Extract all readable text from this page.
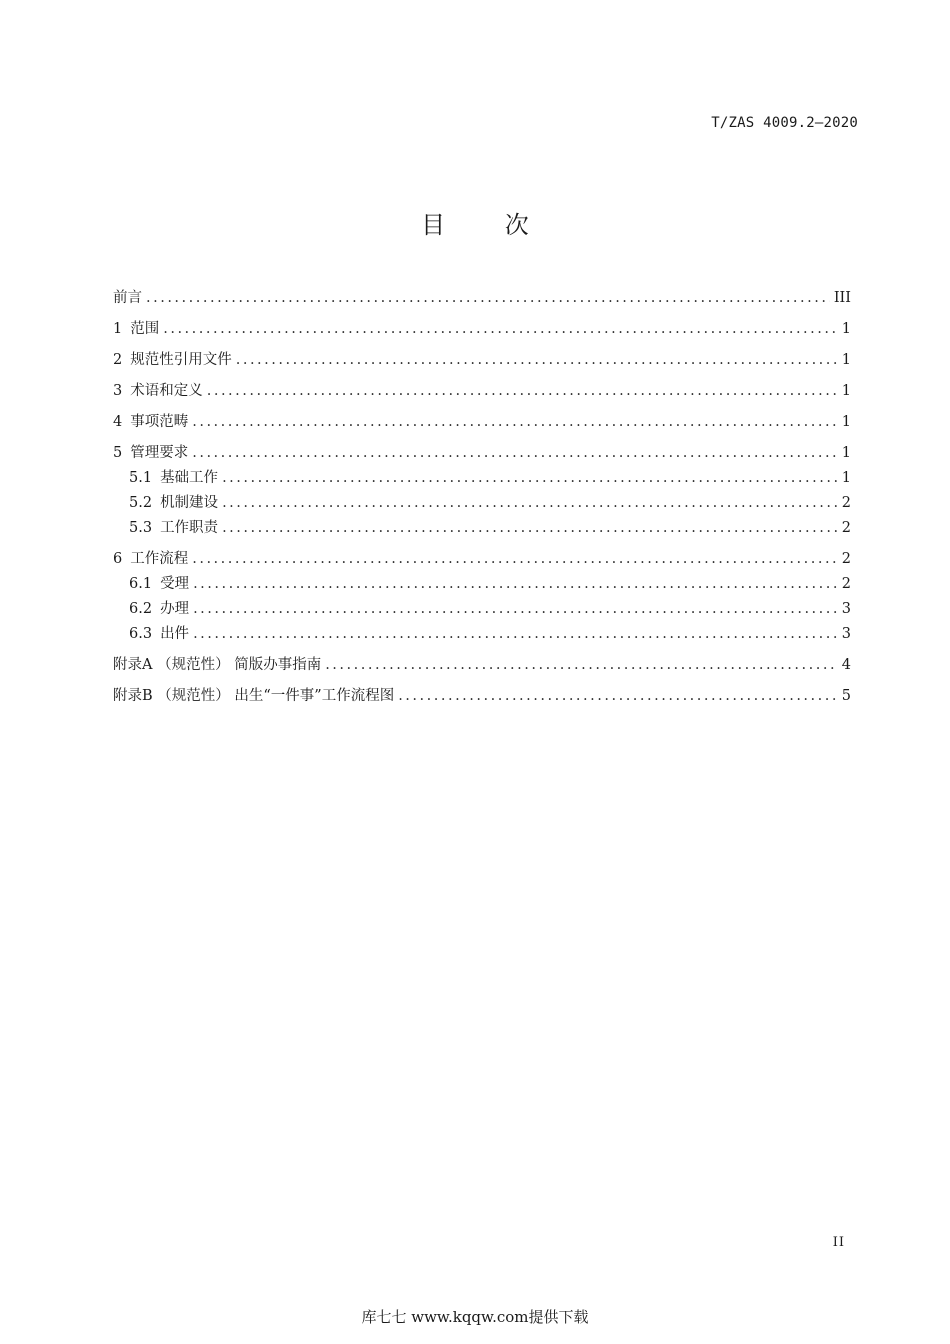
T/ZAS 4009.2—2020
目 次
前言 .....	III
1 范围 .....	1
2 规范性引用文件 .....	1
3 术语和定义 .....	1
4 事项范畴 .....	1
5 管理要求 .....	1
5.1 基础工作 .....	1
5.2 机制建设 .....	2
5.3 工作职责 .....	2
6 工作流程 .....	2
6.1 受理 .....	2
6.2 办理 .....	3
6.3 出件 .....	3
附录A （规范性） 简版办事指南 .....	4
附录B （规范性） 出生“一件事”工作流程图 .....	5
II
库七七 www.kqqw.com提供下载
